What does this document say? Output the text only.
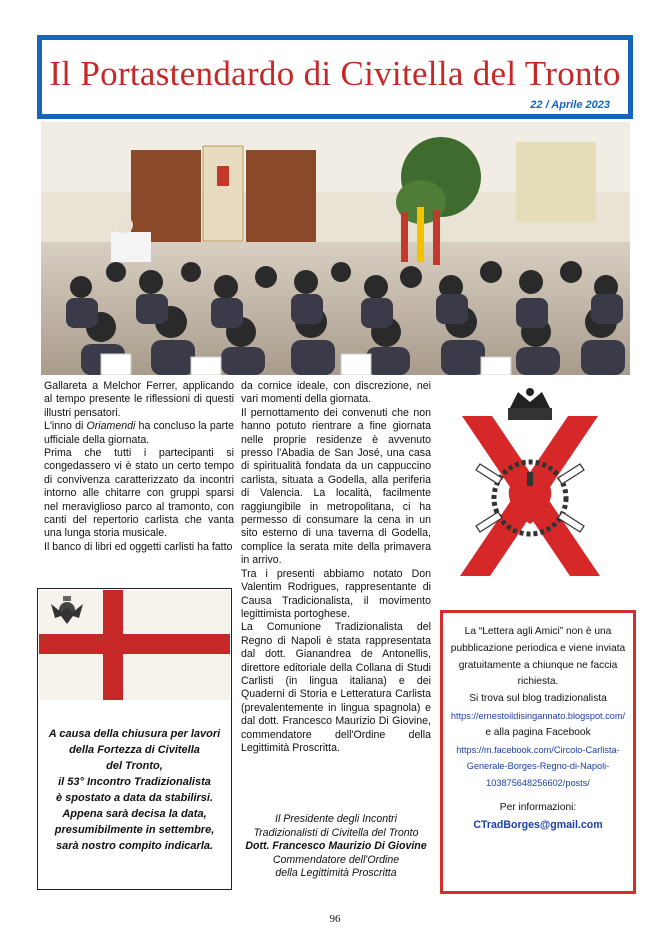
Il Portastendardo di Civitella del Tronto
22 / Aprile 2023

Gallareta a Melchor Ferrer, applicando al tempo presente le riflessioni di questi illustri pensatori.

L'inno di Oriamendi ha concluso la parte ufficiale della giornata.

Prima che tutti i partecipanti si congedassero vi è stato un certo tempo di convivenza caratterizzato da incontri intorno alle chitarre con gruppi sparsi nel meraviglioso parco al tramonto, con canti del repertorio carlista che vanta una lunga storia musicale.

Il banco di libri ed oggetti carlisti ha fatto

da cornice ideale, con discrezione, nei vari momenti della giornata.

Il pernottamento dei convenuti che non hanno potuto rientrare a fine giornata nelle proprie residenze è avvenuto presso l'Abadia de San José, una casa di spiritualità fondata da un cappuccino carlista, situata a Godella, alla periferia di Valencia. La località, facilmente raggiungibile in metropolitana, ci ha permesso di consumare la cena in un sito esterno di una taverna di Godella, complice la serata mite della primavera in arrivo.

Tra i presenti abbiamo notato Don Valentim Rodrigues, rappresentante di Causa Tradicionalista, il movimento legittimista portoghese.

La Comunione Tradizionalista del Regno di Napoli è stata rappresentata dal dott. Gianandrea de Antonellis, direttore editoriale della Collana di Studi Carlisti (in lingua italiana) e dei Quaderni di Storia e Letteratura Carlista (prevalentemente in lingua spagnola) e dal dott. Francesco Maurizio Di Giovine, commendatore dell'Ordine della Legittimità Proscritta.

A causa della chiusura per lavori
della Fortezza di Civitella
del Tronto,
il 53° Incontro Tradizionalista
è spostato a data da stabilirsi.
Appena sarà decisa la data,
presumibilmente in settembre,
sarà nostro compito indicarla.
Il Presidente degli Incontri
Tradizionalisti di Civitella del Tronto
Dott. Francesco Maurizio Di Giovine
Commendatore dell'Ordine
della Legittimità Proscritta
La “Lettera agli Amici” non è una
pubblicazione periodica e viene inviata
gratuitamente a chiunque ne faccia
richiesta.
Si trova sul blog tradizionalista
https://ernestoildisingannato.blogspot.com/
e alla pagina Facebook
https://m.facebook.com/Circolo-Carlista-
Generale-Borges-Regno-di-Napoli-
103875648256602/posts/
Per informazioni:
CTradBorges@gmail.com
96
